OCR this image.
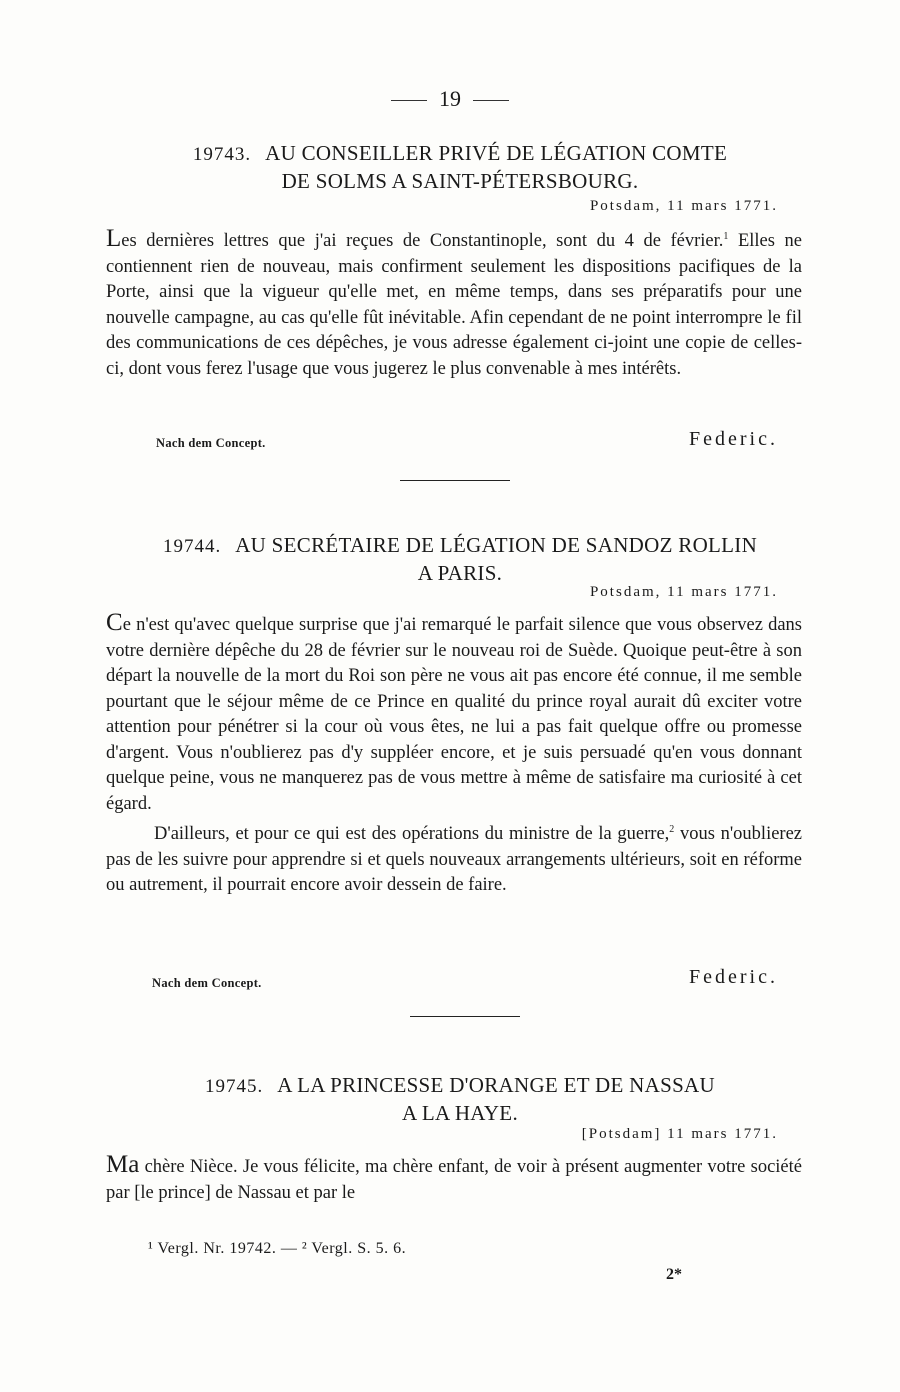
19
19743. AU CONSEILLER PRIVÉ DE LÉGATION COMTE
DE SOLMS A SAINT-PÉTERSBOURG.
Potsdam, 11 mars 1771.

Les dernières lettres que j'ai reçues de Constantinople, sont du 4 de février.$^1$ Elles ne contiennent rien de nouveau, mais confirment seulement les dispositions pacifiques de la Porte, ainsi que la vigueur qu'elle met, en même temps, dans ses préparatifs pour une nouvelle campagne, au cas qu'elle fût inévitable. Afin cependant de ne point interrompre le fil des communications de ces dépêches, je vous adresse également ci-joint une copie de celles-ci, dont vous ferez l'usage que vous jugerez le plus convenable à mes intérêts.

Nach dem Concept.	Federic.
19744. AU SECRÉTAIRE DE LÉGATION DE SANDOZ ROLLIN
A PARIS.
Potsdam, 11 mars 1771.

Ce n'est qu'avec quelque surprise que j'ai remarqué le parfait silence que vous observez dans votre dernière dépêche du 28 de février sur le nouveau roi de Suède. Quoique peut-être à son départ la nouvelle de la mort du Roi son père ne vous ait pas encore été connue, il me semble pourtant que le séjour même de ce Prince en qualité du prince royal aurait dû exciter votre attention pour pénétrer si la cour où vous êtes, ne lui a pas fait quelque offre ou promesse d'argent. Vous n'oublierez pas d'y suppléer encore, et je suis persuadé qu'en vous donnant quelque peine, vous ne manquerez pas de vous mettre à même de satisfaire ma curiosité à cet égard.

D'ailleurs, et pour ce qui est des opérations du ministre de la guerre,$^2$ vous n'oublierez pas de les suivre pour apprendre si et quels nouveaux arrangements ultérieurs, soit en réforme ou autrement, il pourrait encore avoir dessein de faire.

Nach dem Concept.	Federic.
19745. A LA PRINCESSE D'ORANGE ET DE NASSAU
A LA HAYE.
[Potsdam] 11 mars 1771.

Ma chère Nièce. Je vous félicite, ma chère enfant, de voir à présent augmenter votre société par [le prince] de Nassau et par le

¹ Vergl. Nr. 19742. — ² Vergl. S. 5. 6.
2*
